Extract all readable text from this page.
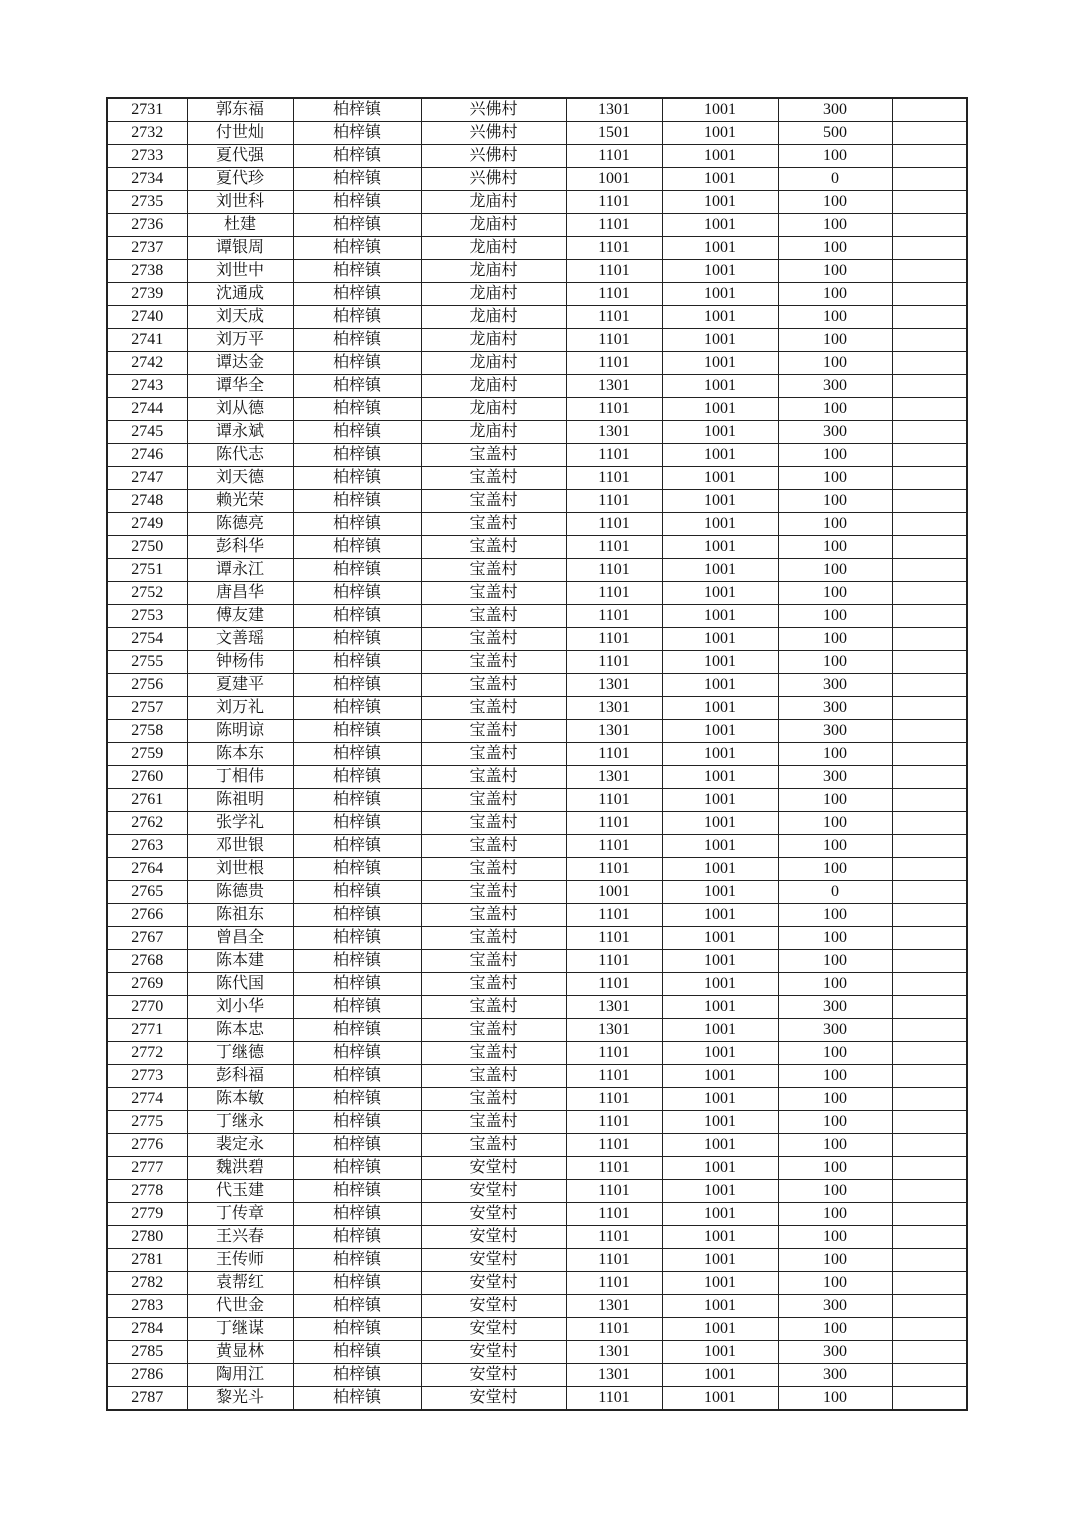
2731	郭东福	柏梓镇	兴佛村	1301	1001	300	
2732	付世灿	柏梓镇	兴佛村	1501	1001	500	
2733	夏代强	柏梓镇	兴佛村	1101	1001	100	
2734	夏代珍	柏梓镇	兴佛村	1001	1001	0	
2735	刘世科	柏梓镇	龙庙村	1101	1001	100	
2736	杜建	柏梓镇	龙庙村	1101	1001	100	
2737	谭银周	柏梓镇	龙庙村	1101	1001	100	
2738	刘世中	柏梓镇	龙庙村	1101	1001	100	
2739	沈通成	柏梓镇	龙庙村	1101	1001	100	
2740	刘天成	柏梓镇	龙庙村	1101	1001	100	
2741	刘万平	柏梓镇	龙庙村	1101	1001	100	
2742	谭达金	柏梓镇	龙庙村	1101	1001	100	
2743	谭华全	柏梓镇	龙庙村	1301	1001	300	
2744	刘从德	柏梓镇	龙庙村	1101	1001	100	
2745	谭永斌	柏梓镇	龙庙村	1301	1001	300	
2746	陈代志	柏梓镇	宝盖村	1101	1001	100	
2747	刘天德	柏梓镇	宝盖村	1101	1001	100	
2748	赖光荣	柏梓镇	宝盖村	1101	1001	100	
2749	陈德亮	柏梓镇	宝盖村	1101	1001	100	
2750	彭科华	柏梓镇	宝盖村	1101	1001	100	
2751	谭永江	柏梓镇	宝盖村	1101	1001	100	
2752	唐昌华	柏梓镇	宝盖村	1101	1001	100	
2753	傅友建	柏梓镇	宝盖村	1101	1001	100	
2754	文善瑶	柏梓镇	宝盖村	1101	1001	100	
2755	钟杨伟	柏梓镇	宝盖村	1101	1001	100	
2756	夏建平	柏梓镇	宝盖村	1301	1001	300	
2757	刘万礼	柏梓镇	宝盖村	1301	1001	300	
2758	陈明谅	柏梓镇	宝盖村	1301	1001	300	
2759	陈本东	柏梓镇	宝盖村	1101	1001	100	
2760	丁相伟	柏梓镇	宝盖村	1301	1001	300	
2761	陈祖明	柏梓镇	宝盖村	1101	1001	100	
2762	张学礼	柏梓镇	宝盖村	1101	1001	100	
2763	邓世银	柏梓镇	宝盖村	1101	1001	100	
2764	刘世根	柏梓镇	宝盖村	1101	1001	100	
2765	陈德贵	柏梓镇	宝盖村	1001	1001	0	
2766	陈祖东	柏梓镇	宝盖村	1101	1001	100	
2767	曾昌全	柏梓镇	宝盖村	1101	1001	100	
2768	陈本建	柏梓镇	宝盖村	1101	1001	100	
2769	陈代国	柏梓镇	宝盖村	1101	1001	100	
2770	刘小华	柏梓镇	宝盖村	1301	1001	300	
2771	陈本忠	柏梓镇	宝盖村	1301	1001	300	
2772	丁继德	柏梓镇	宝盖村	1101	1001	100	
2773	彭科福	柏梓镇	宝盖村	1101	1001	100	
2774	陈本敏	柏梓镇	宝盖村	1101	1001	100	
2775	丁继永	柏梓镇	宝盖村	1101	1001	100	
2776	裴定永	柏梓镇	宝盖村	1101	1001	100	
2777	魏洪碧	柏梓镇	安堂村	1101	1001	100	
2778	代玉建	柏梓镇	安堂村	1101	1001	100	
2779	丁传章	柏梓镇	安堂村	1101	1001	100	
2780	王兴春	柏梓镇	安堂村	1101	1001	100	
2781	王传师	柏梓镇	安堂村	1101	1001	100	
2782	袁帮红	柏梓镇	安堂村	1101	1001	100	
2783	代世金	柏梓镇	安堂村	1301	1001	300	
2784	丁继谋	柏梓镇	安堂村	1101	1001	100	
2785	黄显林	柏梓镇	安堂村	1301	1001	300	
2786	陶用江	柏梓镇	安堂村	1301	1001	300	
2787	黎光斗	柏梓镇	安堂村	1101	1001	100	
